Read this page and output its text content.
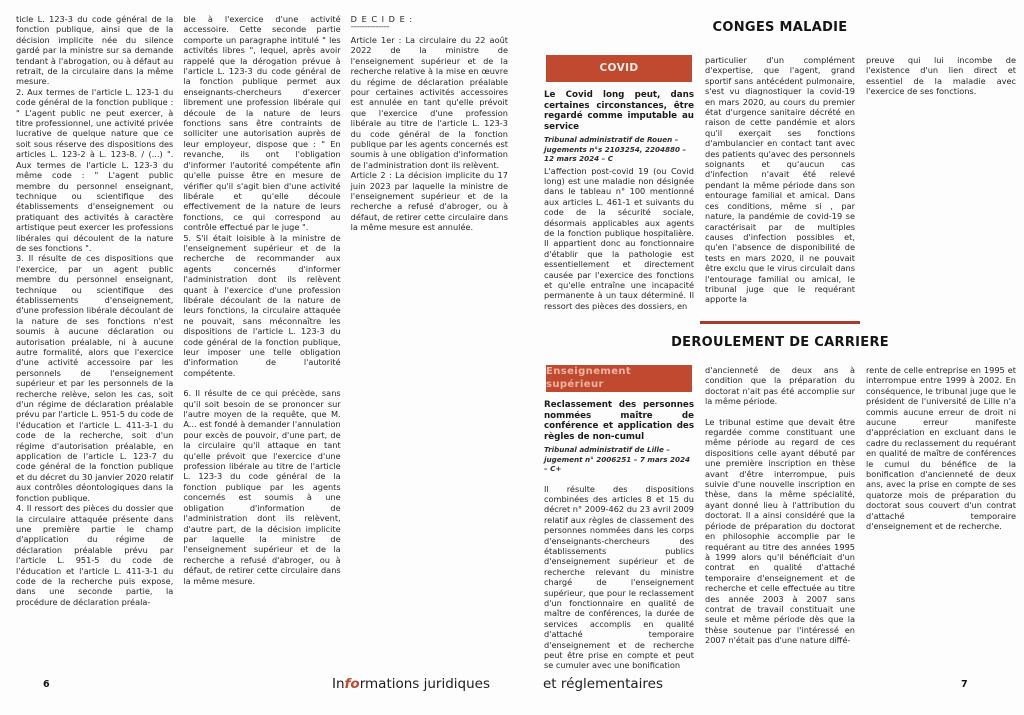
ticle L. 123-3 du code général de la fonction publique, ainsi que de la décision implicite née du silence gardé par la ministre sur sa demande tendant à l'abrogation, ou à défaut au retrait, de la circulaire dans la même mesure.

2. Aux termes de l'article L. 123-1 du code général de la fonction publique : " L'agent public ne peut exercer, à titre professionnel, une activité privée lucrative de quelque nature que ce soit sous réserve des dispositions des articles L. 123-2 à L. 123-8. / (...) ". Aux termes de l'article L. 123-3 du même code : " L'agent public membre du personnel enseignant, technique ou scientifique des établissements d'enseignement ou pratiquant des activités à caractère artistique peut exercer les professions libérales qui découlent de la nature de ses fonctions ".

3. Il résulte de ces dispositions que l'exercice, par un agent public membre du personnel enseignant, technique ou scientifique des établissements d'enseignement, d'une profession libérale découlant de la nature de ses fonctions n'est soumis à aucune déclaration ou autorisation préalable, ni à aucune autre formalité, alors que l'exercice d'une activité accessoire par les personnels de l'enseignement supérieur et par les personnels de la recherche relève, selon les cas, soit d'un régime de déclaration préalable prévu par l'article L. 951-5 du code de l'éducation et l'article L. 411-3-1 du code de la recherche, soit d'un régime d'autorisation préalable, en application de l'article L. 123-7 du code général de la fonction publique et du décret du 30 janvier 2020 relatif aux contrôles déontologiques dans la fonction publique.

4. Il ressort des pièces du dossier que la circulaire attaquée présente dans une première partie le champ d'application du régime de déclaration préalable prévu par l'article L. 951-5 du code de l'éducation et l'article L. 411-3-1 du code de la recherche puis expose, dans une seconde partie, la procédure de déclaration préala-

ble à l'exercice d'une activité accessoire. Cette seconde partie comporte un paragraphe intitulé " les activités libres ", lequel, après avoir rappelé que la dérogation prévue à l'article L. 123-3 du code général de la fonction publique permet aux enseignants-chercheurs d'exercer librement une profession libérale qui découle de la nature de leurs fonctions sans être contraints de solliciter une autorisation auprès de leur employeur, dispose que : " En revanche, ils ont l'obligation d'informer l'autorité compétente afin qu'elle puisse être en mesure de vérifier qu'il s'agit bien d'une activité libérale et qu'elle découle effectivement de la nature de leurs fonctions, ce qui correspond au contrôle effectué par le juge ".

5. S'il était loisible à la ministre de l'enseignement supérieur et de la recherche de recommander aux agents concernés d'informer l'administration dont ils relèvent quant à l'exercice d'une profession libérale découlant de la nature de leurs fonctions, la circulaire attaquée ne pouvait, sans méconnaître les dispositions de l'article L. 123-3 du code général de la fonction publique, leur imposer une telle obligation d'information de l'autorité compétente.

6. Il résulte de ce qui précède, sans qu'il soit besoin de se prononcer sur l'autre moyen de la requête, que M. A... est fondé à demander l'annulation pour excès de pouvoir, d'une part, de la circulaire qu'il attaque en tant qu'elle prévoit que l'exercice d'une profession libérale au titre de l'article L. 123-3 du code général de la fonction publique par les agents concernés est soumis à une obligation d'information de l'administration dont ils relèvent, d'autre part, de la décision implicite par laquelle la ministre de l'enseignement supérieur et de la recherche a refusé d'abroger, ou à défaut, de retirer cette circulaire dans la même mesure.

D E C I D E :
--------------

Article 1er : La circulaire du 22 août 2022 de la ministre de l'enseignement supérieur et de la recherche relative à la mise en œuvre du régime de déclaration préalable pour certaines activités accessoires est annulée en tant qu'elle prévoit que l'exercice d'une profession libérale au titre de l'article L. 123-3 du code général de la fonction publique par les agents concernés est soumis à une obligation d'information de l'administration dont ils relèvent.

Article 2 : La décision implicite du 17 juin 2023 par laquelle la ministre de l'enseignement supérieur et de la recherche a refusé d'abroger, ou à défaut, de retirer cette circulaire dans la même mesure est annulée.

CONGES MALADIE
COVID
Le Covid long peut, dans certaines circonstances, être regardé comme imputable au service
Tribunal administratif de Rouen – jugements n°s 2103254, 2204880 – 12 mars 2024 – C

L'affection post-covid 19 (ou Covid long) est une maladie non désignée dans le tableau n° 100 mentionné aux articles L. 461-1 et suivants du code de la sécurité sociale, désormais applicables aux agents de la fonction publique hospitalière. Il appartient donc au fonctionnaire d'établir que la pathologie est essentiellement et directement causée par l'exercice des fonctions et qu'elle entraîne une incapacité permanente à un taux déterminé. Il ressort des pièces des dossiers, en

particulier d'un complément d'expertise, que l'agent, grand sportif sans antécédent pulmonaire, s'est vu diagnostiquer la covid-19 en mars 2020, au cours du premier état d'urgence sanitaire décrété en raison de cette pandémie et alors qu'il exerçait ses fonctions d'ambulancier en contact tant avec des patients qu'avec des personnels soignants et qu'aucun cas d'infection n'avait été relevé pendant la même période dans son entourage familial et amical. Dans ces conditions, même si , par nature, la pandémie de covid-19 se caractérisait par de multiples causes d'infection possibles et, qu'en l'absence de disponibilité de tests en mars 2020, il ne pouvait être exclu que le virus circulait dans l'entourage familial ou amical, le tribunal juge que le requérant apporte la

preuve qui lui incombe de l'existence d'un lien direct et essentiel de la maladie avec l'exercice de ses fonctions.

DEROULEMENT DE CARRIERE
Enseignement supérieur
Reclassement des personnes nommées maître de conférence et application des règles de non-cumul
Tribunal administratif de Lille – jugement n° 2006251 – 7 mars 2024 – C+

Il résulte des dispositions combinées des articles 8 et 15 du décret n° 2009-462 du 23 avril 2009 relatif aux règles de classement des personnes nommées dans les corps d'enseignants-chercheurs des établissements publics d'enseignement supérieur et de recherche relevant du ministre chargé de l'enseignement supérieur, que pour le reclassement d'un fonctionnaire en qualité de maître de conférences, la durée de services accomplis en qualité d'attaché temporaire d'enseignement et de recherche peut être prise en compte et peut se cumuler avec une bonification

d'ancienneté de deux ans à condition que la préparation du doctorat n'ait pas été accomplie sur la même période.

Le tribunal estime que devait être regardée comme constituant une même période au regard de ces dispositions celle ayant débuté par une première inscription en thèse avant d'être interrompue, puis suivie d'une nouvelle inscription en thèse, dans la même spécialité, ayant donné lieu à l'attribution du doctorat. Il a ainsi considéré que la période de préparation du doctorat en philosophie accomplie par le requérant au titre des années 1995 à 1999 alors qu'il bénéficiait d'un contrat en qualité d'attaché temporaire d'enseignement et de recherche et celle effectuée au titre des année 2003 à 2007 sans contrat de travail constituait une seule et même période dès que la thèse soutenue par l'intéressé en 2007 n'était pas d'une nature diffé-

rente de celle entreprise en 1995 et interrompue entre 1999 à 2002. En conséquence, le tribunal juge que le président de l'université de Lille n'a commis aucune erreur de droit ni aucune erreur manifeste d'appréciation en excluant dans le cadre du reclassement du requérant en qualité de maître de conférences le cumul du bénéfice de la bonification d'ancienneté de deux ans, avec la prise en compte de ses quatorze mois de préparation du doctorat sous couvert d'un contrat d'attaché temporaire d'enseignement et de recherche.

6	Informations juridiques	et réglementaires	7
